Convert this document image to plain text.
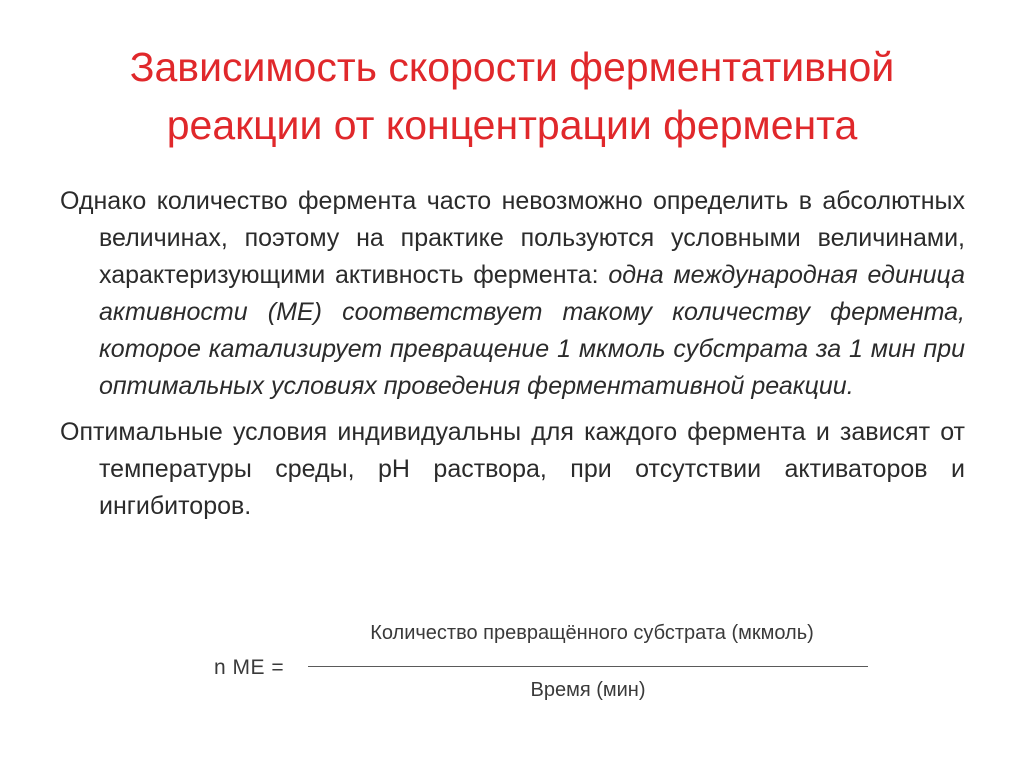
Зависимость скорости ферментативной
реакции от концентрации фермента

Однако количество фермента часто невозможно определить в абсолютных величинах, поэтому на практике пользуются условными величинами, характеризующими активность фермента: одна международная единица активности (МЕ) соответствует такому количеству фермента, которое катализирует превращение 1 мкмоль субстрата за 1 мин при оптимальных условиях проведения ферментативной реакции.

Оптимальные условия индивидуальны для каждого фермента и зависят от температуры среды, рН раствора, при отсутствии активаторов и ингибиторов.

n МЕ =
Количество превращённого субстрата (мкмоль)
Время (мин)
